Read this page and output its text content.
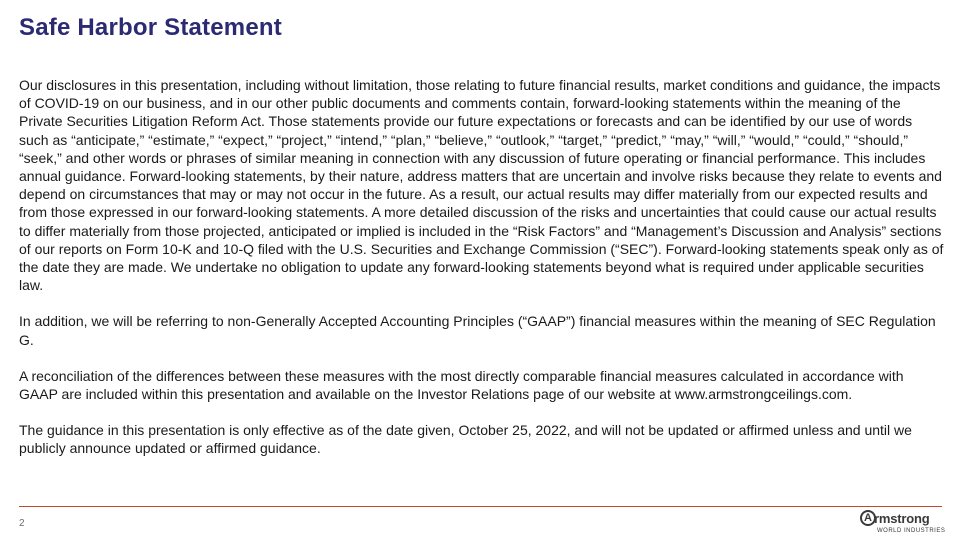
Safe Harbor Statement

Our disclosures in this presentation, including without limitation, those relating to future financial results, market conditions and guidance, the impacts of COVID-19 on our business, and in our other public documents and comments contain, forward-looking statements within the meaning of the Private Securities Litigation Reform Act. Those statements provide our future expectations or forecasts and can be identified by our use of words such as “anticipate,” “estimate,” “expect,” “project,” “intend,” “plan,” “believe,” “outlook,” “target,” “predict,” “may,” “will,” “would,” “could,” “should,” “seek,” and other words or phrases of similar meaning in connection with any discussion of future operating or financial performance. This includes annual guidance. Forward-looking statements, by their nature, address matters that are uncertain and involve risks because they relate to events and depend on circumstances that may or may not occur in the future. As a result, our actual results may differ materially from our expected results and from those expressed in our forward-looking statements. A more detailed discussion of the risks and uncertainties that could cause our actual results to differ materially from those projected, anticipated or implied is included in the “Risk Factors” and “Management’s Discussion and Analysis” sections of our reports on Form 10-K and 10-Q filed with the U.S. Securities and Exchange Commission (“SEC”). Forward-looking statements speak only as of the date they are made. We undertake no obligation to update any forward-looking statements beyond what is required under applicable securities law.

In addition, we will be referring to non-Generally Accepted Accounting Principles (“GAAP”) financial measures within the meaning of SEC Regulation G.

A reconciliation of the differences between these measures with the most directly comparable financial measures calculated in accordance with GAAP are included within this presentation and available on the Investor Relations page of our website at www.armstrongceilings.com.

The guidance in this presentation is only effective as of the date given, October 25, 2022, and will not be updated or affirmed unless and until we publicly announce updated or affirmed guidance.

2	A rmstrong
WORLD INDUSTRIES
